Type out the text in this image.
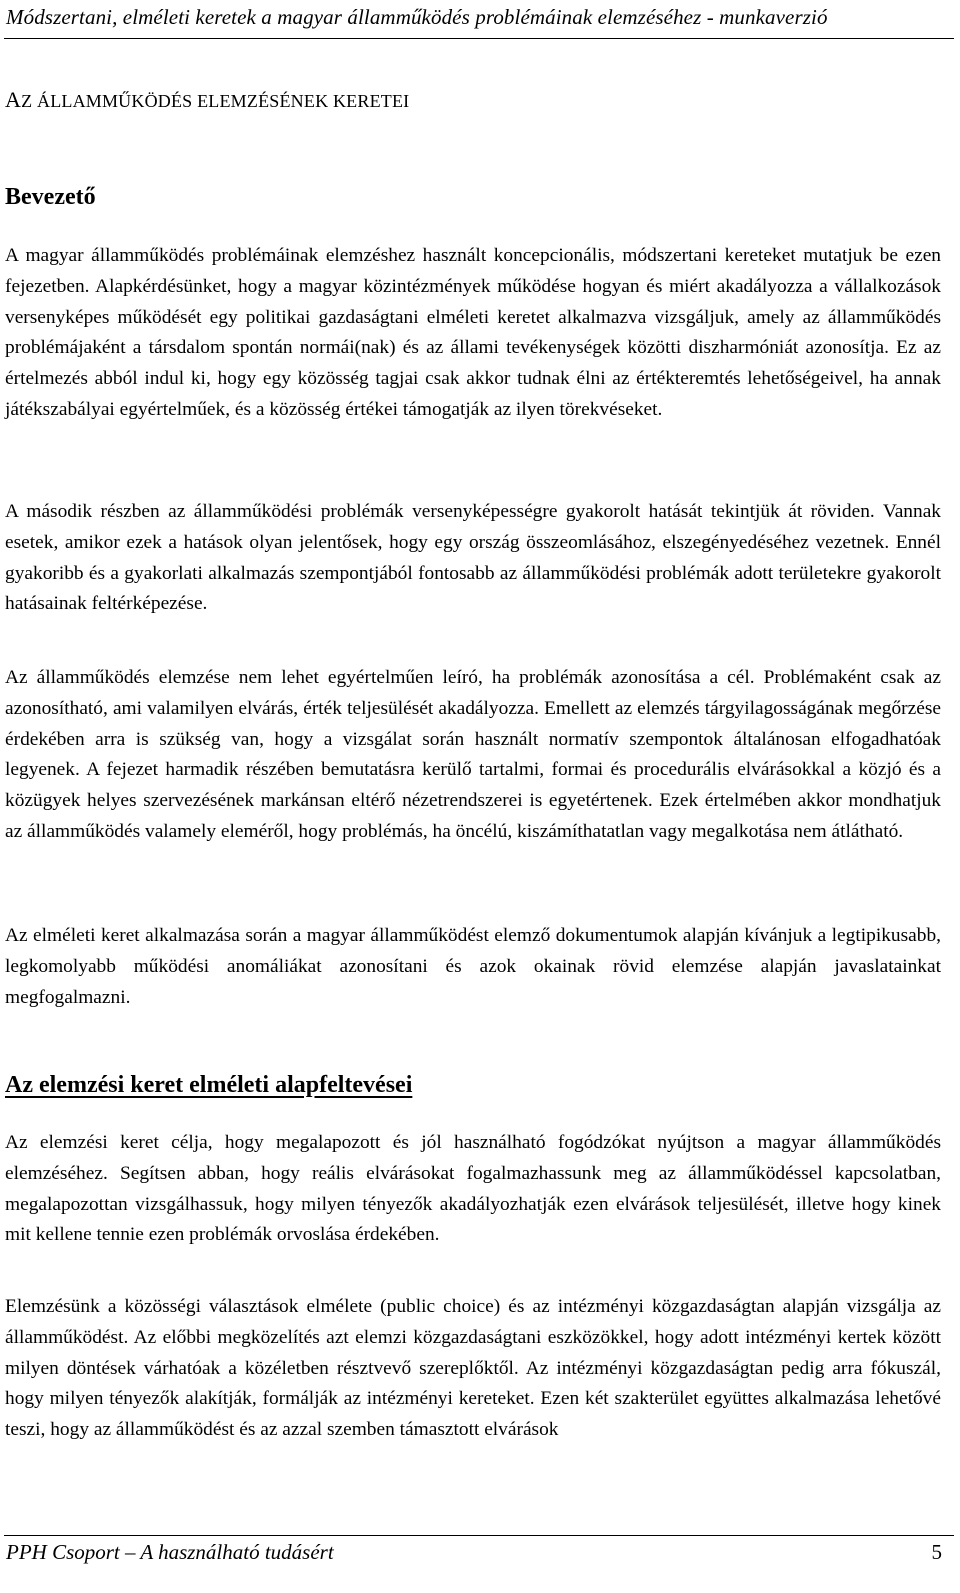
Módszertani, elméleti keretek a magyar államműködés problémáinak elemzéséhez - munkaverzió
AZ ÁLLAMMŰKÖDÉS ELEMZÉSÉNEK KERETEI
Bevezető

A magyar államműködés problémáinak elemzéshez használt koncepcionális, módszertani kereteket mutatjuk be ezen fejezetben. Alapkérdésünket, hogy a magyar közintézmények működése hogyan és miért akadályozza a vállalkozások versenyképes működését egy politikai gazdaságtani elméleti keretet alkalmazva vizsgáljuk, amely az államműködés problémájaként a társdalom spontán normái(nak) és az állami tevékenységek közötti diszharmóniát azonosítja. Ez az értelmezés abból indul ki, hogy egy közösség tagjai csak akkor tudnak élni az értékteremtés lehetőségeivel, ha annak játékszabályai egyértelműek, és a közösség értékei támogatják az ilyen törekvéseket.

A második részben az államműködési problémák versenyképességre gyakorolt hatását tekintjük át röviden. Vannak esetek, amikor ezek a hatások olyan jelentősek, hogy egy ország összeomlásához, elszegényedéséhez vezetnek. Ennél gyakoribb és a gyakorlati alkalmazás szempontjából fontosabb az államműködési problémák adott területekre gyakorolt hatásainak feltérképezése.

Az államműködés elemzése nem lehet egyértelműen leíró, ha problémák azonosítása a cél. Problémaként csak az azonosítható, ami valamilyen elvárás, érték teljesülését akadályozza. Emellett az elemzés tárgyilagosságának megőrzése érdekében arra is szükség van, hogy a vizsgálat során használt normatív szempontok általánosan elfogadhatóak legyenek. A fejezet harmadik részében bemutatásra kerülő tartalmi, formai és procedurális elvárásokkal a közjó és a közügyek helyes szervezésének markánsan eltérő nézetrendszerei is egyetértenek. Ezek értelmében akkor mondhatjuk az államműködés valamely eleméről, hogy problémás, ha öncélú, kiszámíthatatlan vagy megalkotása nem átlátható.

Az elméleti keret alkalmazása során a magyar államműködést elemző dokumentumok alapján kívánjuk a legtipikusabb, legkomolyabb működési anomáliákat azonosítani és azok okainak rövid elemzése alapján javaslatainkat megfogalmazni.

Az elemzési keret elméleti alapfeltevései

Az elemzési keret célja, hogy megalapozott és jól használható fogódzókat nyújtson a magyar államműködés elemzéséhez. Segítsen abban, hogy reális elvárásokat fogalmazhassunk meg az államműködéssel kapcsolatban, megalapozottan vizsgálhassuk, hogy milyen tényezők akadályozhatják ezen elvárások teljesülését, illetve hogy kinek mit kellene tennie ezen problémák orvoslása érdekében.

Elemzésünk a közösségi választások elmélete (public choice) és az intézményi közgazdaságtan alapján vizsgálja az államműködést. Az előbbi megközelítés azt elemzi közgazdaságtani eszközökkel, hogy adott intézményi kertek között milyen döntések várhatóak a közéletben résztvevő szereplőktől. Az intézményi közgazdaságtan pedig arra fókuszál, hogy milyen tényezők alakítják, formálják az intézményi kereteket. Ezen két szakterület együttes alkalmazása lehetővé teszi, hogy az államműködést és az azzal szemben támasztott elvárások

PPH Csoport – A használható tudásért	5
